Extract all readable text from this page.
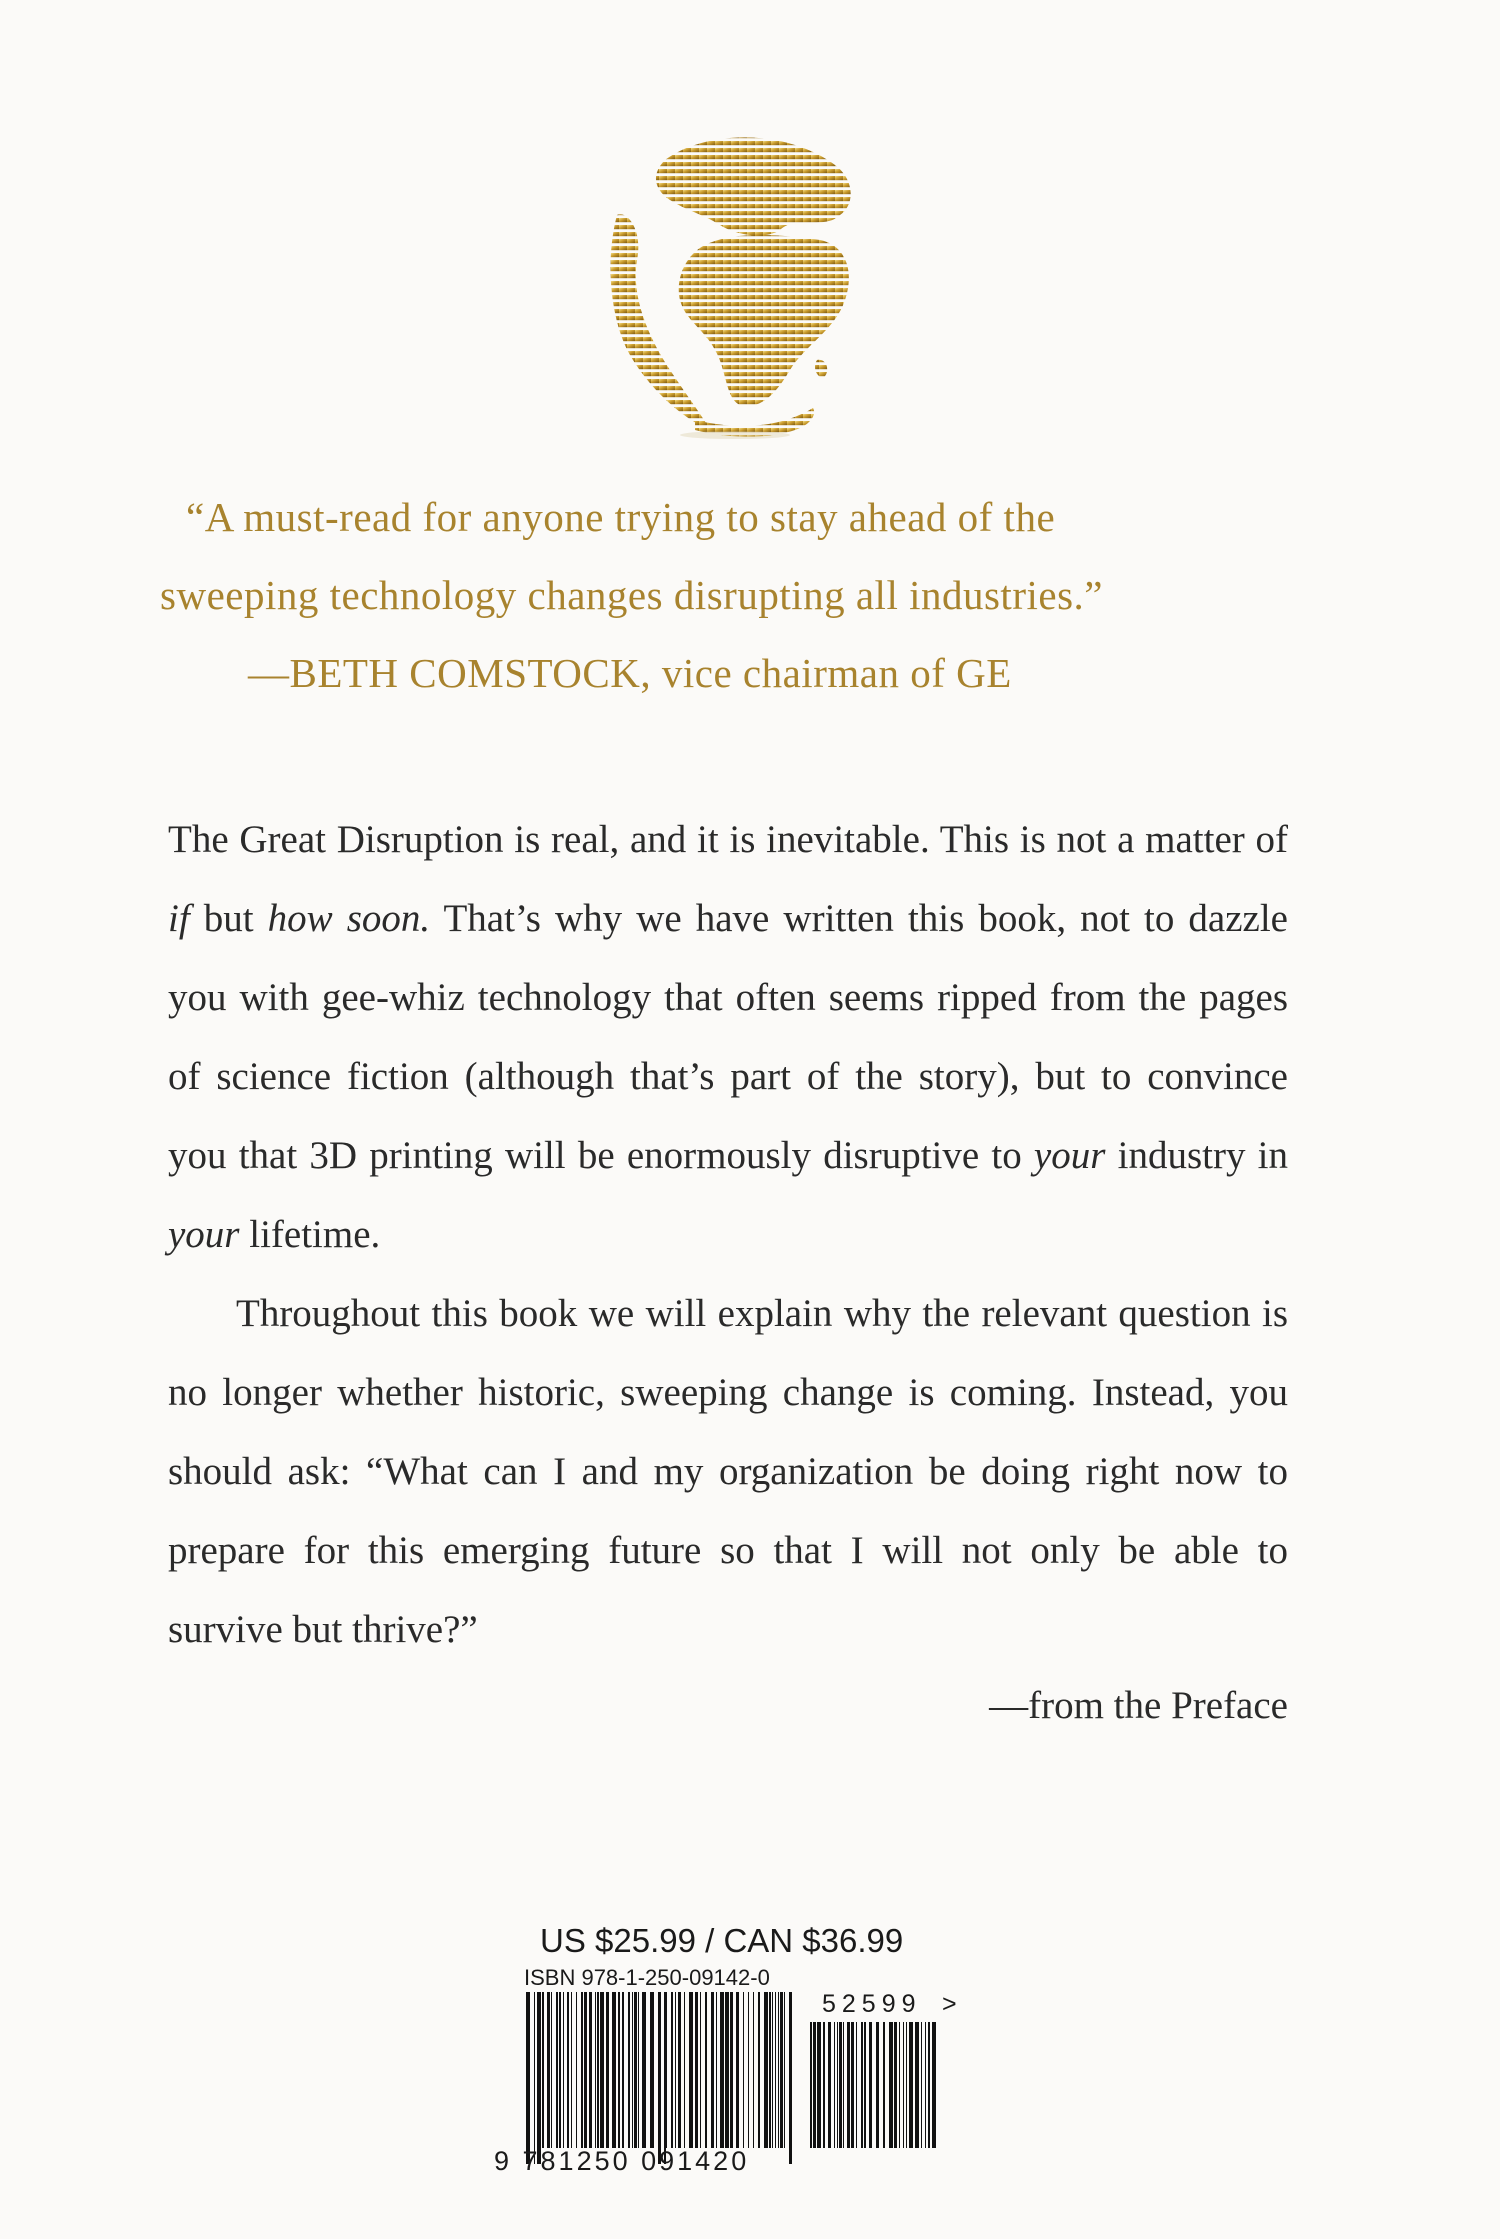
“A must-read for anyone trying to stay ahead of the
sweeping technology changes disrupting all industries.”
—BETH COMSTOCK, vice chairman of GE

The Great Disruption is real, and it is inevitable. This is not a matter of if but how soon. That’s why we have written this book, not to dazzle you with gee-whiz technology that often seems ripped from the pages of science fiction (although that’s part of the story), but to convince you that 3D printing will be enormously disruptive to your industry in your lifetime.

Throughout this book we will explain why the relevant question is no longer whether historic, sweeping change is coming. Instead, you should ask: “What can I and my organization be doing right now to prepare for this emerging future so that I will not only be able to survive but thrive?”

—from the Preface
US $25.99 / CAN $36.99
ISBN 978-1-250-09142-0
9 781250 091420
52599 >
